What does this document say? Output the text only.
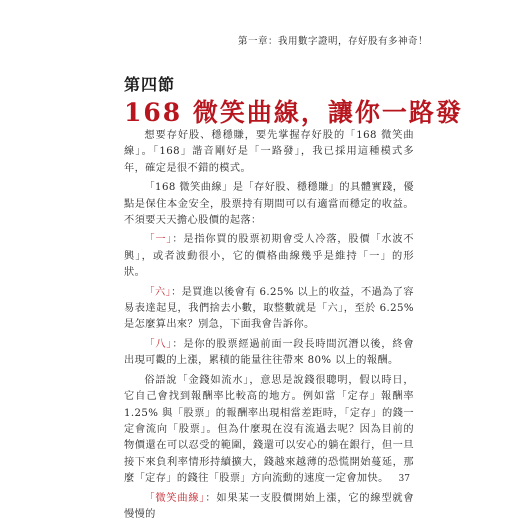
第一章：我用數字證明，存好股有多神奇！
第四節
168 微笑曲線，讓你一路發

想要存好股、穩穩賺，要先掌握存好股的「168 微笑曲線」。「168」諧音剛好是「一路發」，我已採用這種模式多年，確定是很不錯的模式。

「168 微笑曲線」是「存好股、穩穩賺」的具體實踐，優點是保住本金安全，股票持有期間可以有適當而穩定的收益。不須要天天擔心股價的起落：

「一」：是指你買的股票初期會受人冷落，股價「水波不興」，或者波動很小，它的價格曲線幾乎是維持「一」的形狀。

「六」：是買進以後會有 6.25% 以上的收益，不過為了容易表達起見，我們捨去小數，取整數就是「六」，至於 6.25% 是怎麼算出來？別急，下面我會告訴你。

「八」：是你的股票經過前面一段長時間沉潛以後，終會出現可觀的上漲，累積的能量往往帶來 80% 以上的報酬。

俗語說「金錢如流水」，意思是說錢很聰明，假以時日，它自己會找到報酬率比較高的地方。例如當「定存」報酬率 1.25% 與「股票」的報酬率出現相當差距時，「定存」的錢一定會流向「股票」。但為什麼現在沒有流過去呢？因為目前的物價還在可以忍受的範圍，錢還可以安心的躺在銀行，但一旦接下來負利率情形持續擴大，錢越來越薄的恐慌開始蔓延，那麼「定存」的錢往「股票」方向流動的速度一定會加快。

「微笑曲線」：如果某一支股價開始上漲，它的線型就會慢慢的

37
